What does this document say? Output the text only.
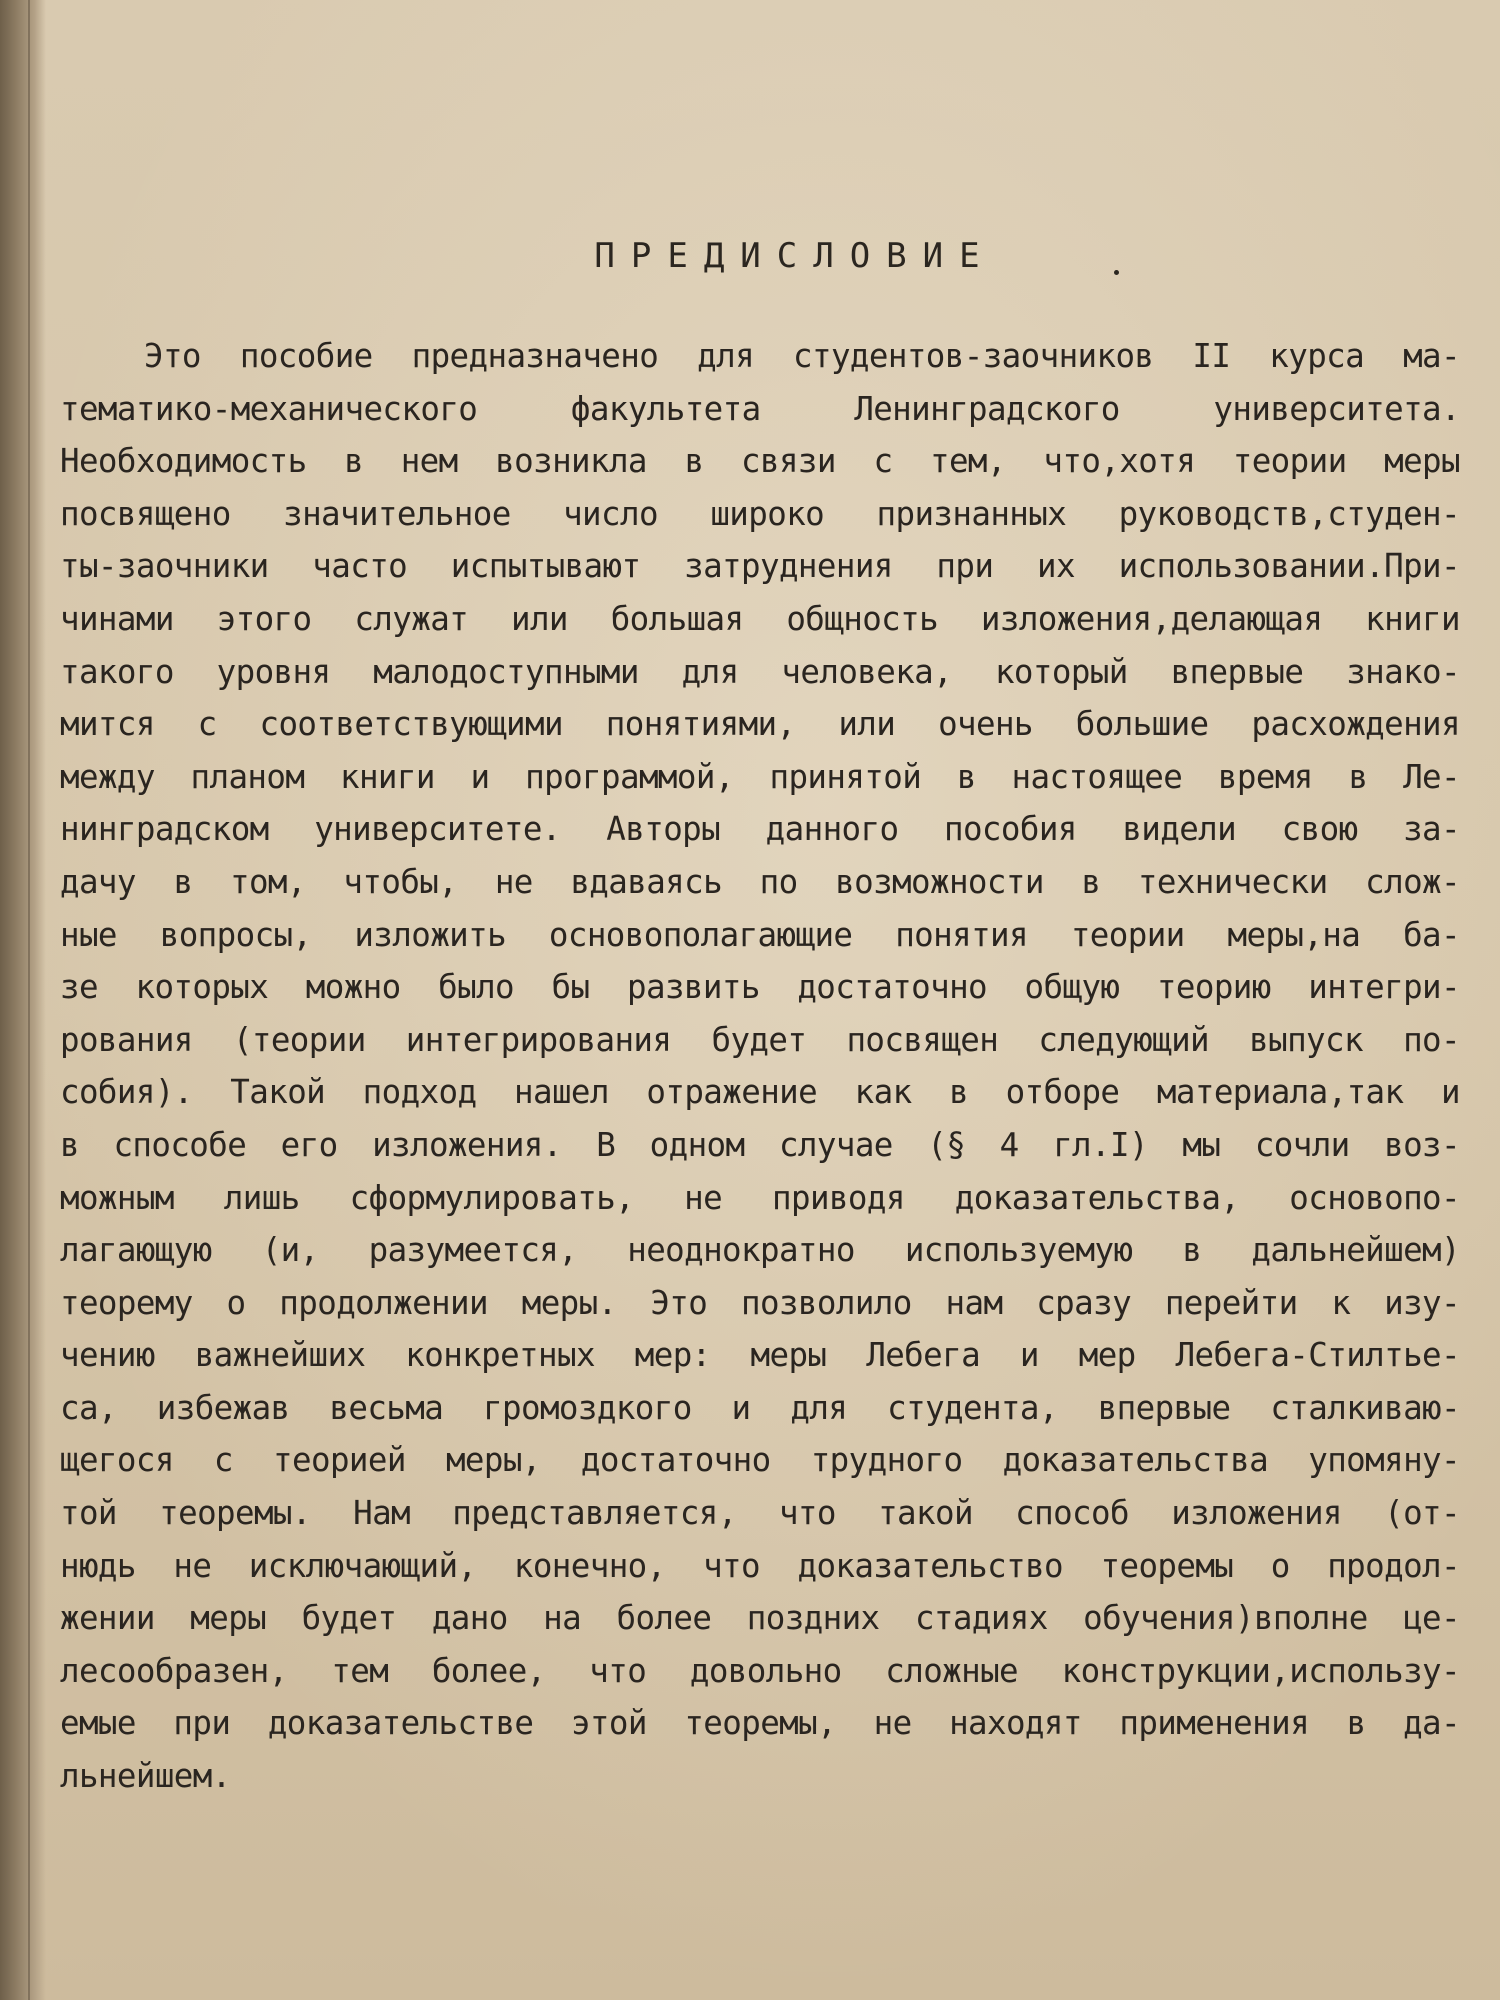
ПРЕДИСЛОВИЕ
Это пособие предназначено для студентов-заочников II курса ма-
тематико-механического факультета Ленинградского университета.
Необходимость в нем возникла в связи с тем, что,хотя теории меры
посвящено значительное число широко признанных руководств,студен-
ты-заочники часто испытывают затруднения при их использовании.При-
чинами этого служат или большая общность изложения,делающая книги
такого уровня малодоступными для человека, который впервые знако-
мится с соответствующими понятиями, или очень большие расхождения
между планом книги и программой, принятой в настоящее время в Ле-
нинградском университете. Авторы данного пособия видели свою за-
дачу в том, чтобы, не вдаваясь по возможности в технически слож-
ные вопросы, изложить основополагающие понятия теории меры,на ба-
зе которых можно было бы развить достаточно общую теорию интегри-
рования (теории интегрирования будет посвящен следующий выпуск по-
собия). Такой подход нашел отражение как в отборе материала,так и
в способе его изложения. В одном случае (§ 4 гл.I) мы сочли воз-
можным лишь сформулировать, не приводя доказательства, основопо-
лагающую (и, разумеется, неоднократно используемую в дальнейшем)
теорему о продолжении меры. Это позволило нам сразу перейти к изу-
чению важнейших конкретных мер: меры Лебега и мер Лебега-Стилтье-
са, избежав весьма громоздкого и для студента, впервые сталкиваю-
щегося с теорией меры, достаточно трудного доказательства упомяну-
той теоремы. Нам представляется, что такой способ изложения (от-
нюдь не исключающий, конечно, что доказательство теоремы о продол-
жении меры будет дано на более поздних стадиях обучения)вполне це-
лесообразен, тем более, что довольно сложные конструкции,использу-
емые при доказательстве этой теоремы, не находят применения в да-
льнейшем.
